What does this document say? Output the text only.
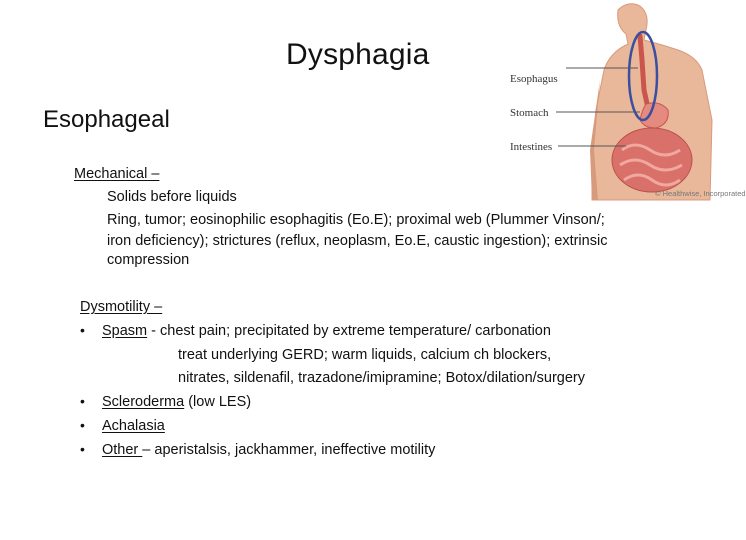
Dysphagia
Esophageal
Mechanical –
Solids before liquids
Ring, tumor; eosinophilic esophagitis (Eo.E); proximal web (Plummer Vinson/;
iron deficiency); strictures (reflux, neoplasm, Eo.E, caustic ingestion); extrinsic
compression
Dysmotility –
• Spasm - chest pain; precipitated by extreme temperature/ carbonation
treat underlying GERD; warm liquids, calcium ch blockers,
nitrates, sildenafil, trazadone/imipramine; Botox/dilation/surgery
• Scleroderma (low LES)
• Achalasia
• Other – aperistalsis, jackhammer, ineffective motility
Esophagus
Stomach
Intestines
© Healthwise, Incorporated
